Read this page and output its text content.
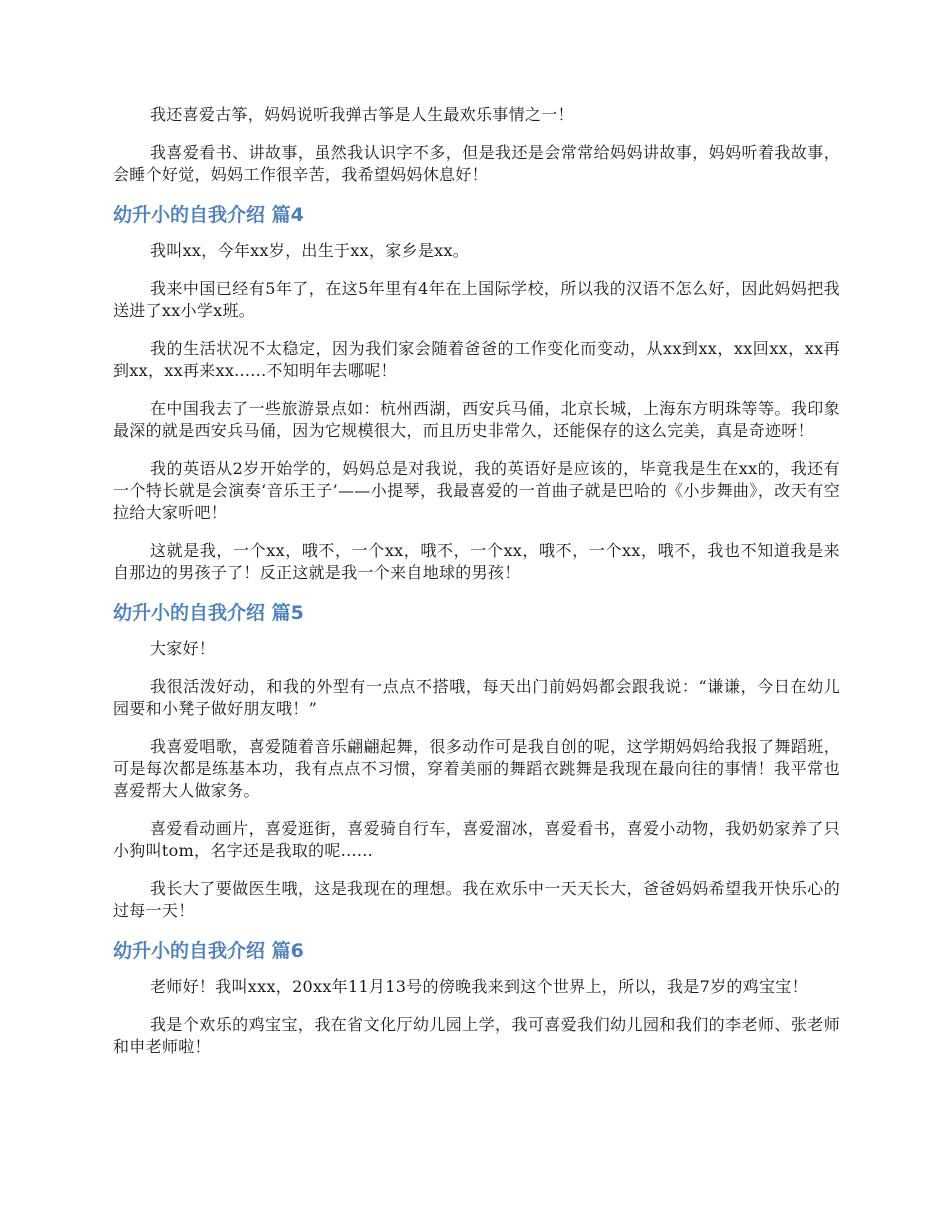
我还喜爱古筝，妈妈说听我弹古筝是人生最欢乐事情之一！

我喜爱看书、讲故事，虽然我认识字不多，但是我还是会常常给妈妈讲故事，妈妈听着我故事，会睡个好觉，妈妈工作很辛苦，我希望妈妈休息好！

幼升小的自我介绍 篇4

我叫xx，今年xx岁，出生于xx，家乡是xx。

我来中国已经有5年了，在这5年里有4年在上国际学校，所以我的汉语不怎么好，因此妈妈把我送进了xx小学x班。

我的生活状况不太稳定，因为我们家会随着爸爸的工作变化而变动，从xx到xx，xx回xx，xx再到xx，xx再来xx......不知明年去哪呢！

在中国我去了一些旅游景点如：杭州西湖，西安兵马俑，北京长城，上海东方明珠等等。我印象最深的就是西安兵马俑，因为它规模很大，而且历史非常久，还能保存的这么完美，真是奇迹呀！

我的英语从2岁开始学的，妈妈总是对我说，我的英语好是应该的，毕竟我是生在xx的，我还有一个特长就是会演奏‘音乐王子’——小提琴，我最喜爱的一首曲子就是巴哈的《小步舞曲》，改天有空拉给大家听吧！

这就是我，一个xx，哦不，一个xx，哦不，一个xx，哦不，一个xx，哦不，我也不知道我是来自那边的男孩子了！反正这就是我一个来自地球的男孩！

幼升小的自我介绍 篇5

大家好！

我很活泼好动，和我的外型有一点点不搭哦，每天出门前妈妈都会跟我说：“谦谦，今日在幼儿园要和小凳子做好朋友哦！”

我喜爱唱歌，喜爱随着音乐翩翩起舞，很多动作可是我自创的呢，这学期妈妈给我报了舞蹈班，可是每次都是练基本功，我有点点不习惯，穿着美丽的舞蹈衣跳舞是我现在最向往的事情！我平常也喜爱帮大人做家务。

喜爱看动画片，喜爱逛街，喜爱骑自行车，喜爱溜冰，喜爱看书，喜爱小动物，我奶奶家养了只小狗叫tom，名字还是我取的呢......

我长大了要做医生哦，这是我现在的理想。我在欢乐中一天天长大，爸爸妈妈希望我开快乐心的过每一天！

幼升小的自我介绍 篇6

老师好！我叫xxx，20xx年11月13号的傍晚我来到这个世界上，所以，我是7岁的鸡宝宝！

我是个欢乐的鸡宝宝，我在省文化厅幼儿园上学，我可喜爱我们幼儿园和我们的李老师、张老师和申老师啦！
